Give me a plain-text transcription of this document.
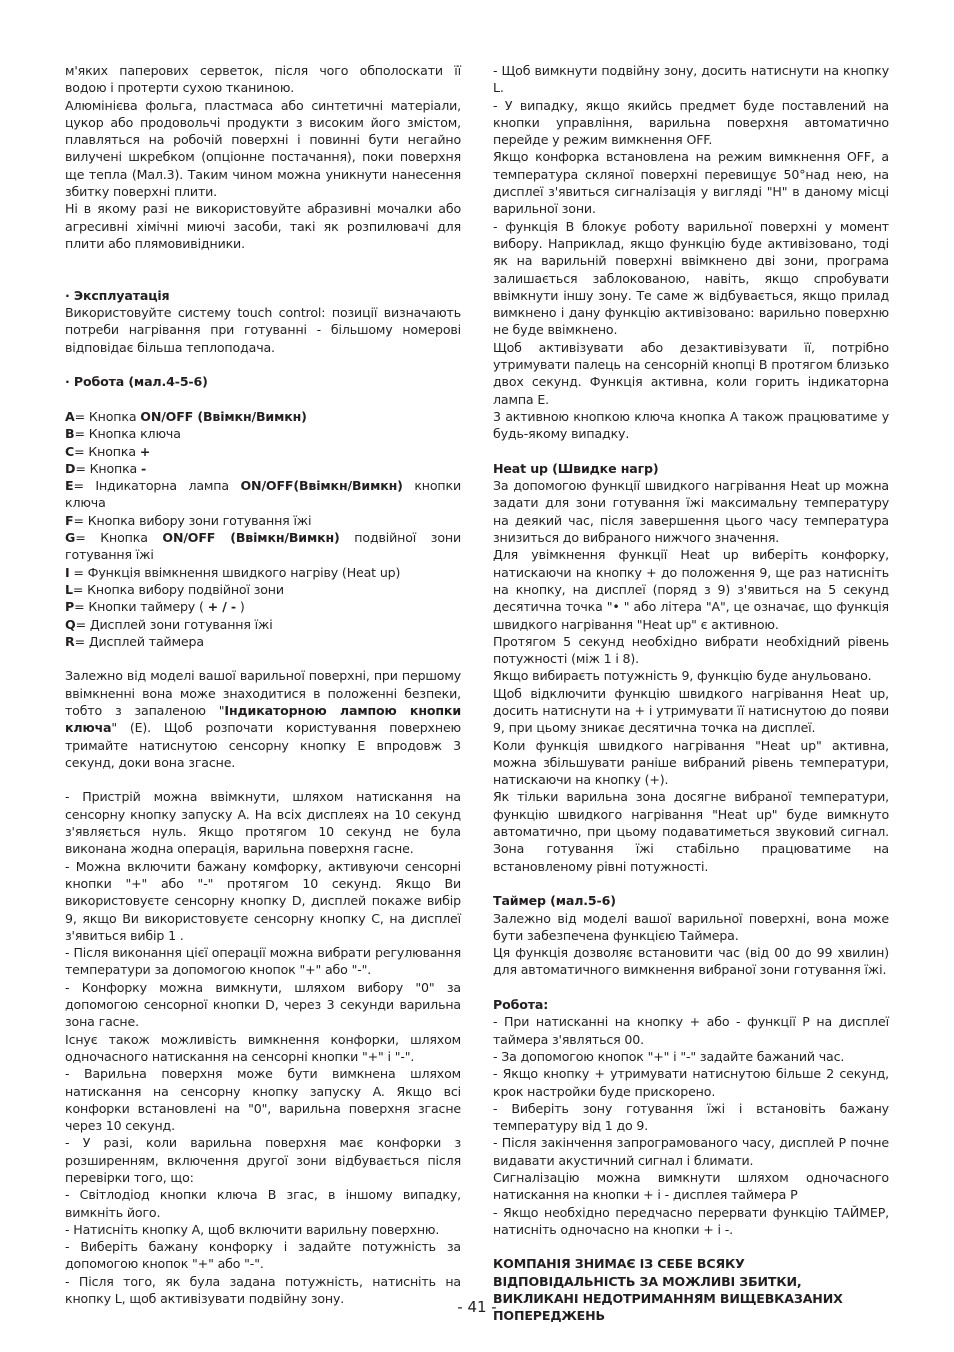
м'яких паперових серветок, після чого обполоскати її водою і протерти сухою тканиною.

Алюмінієва фольга, пластмаса або синтетичні матеріали, цукор або продовольчі продукти з високим його змістом, плавляться на робочій поверхні і повинні бути негайно вилучені шкребком (опціонне постачання), поки поверхня ще тепла (Мал.3). Таким чином можна уникнути нанесення збитку поверхні плити.

Ні в якому разі не використовуйте абразивні мочалки або агресивні хімічні миючі засоби, такі як розпилювачі для плити або плямовивідники.

· Эксплуатація

Використовуйте систему touch control: позиції визначають потреби нагрівання при готуванні - більшому номерові відповідає більша теплоподача.

· Робота (мал.4-5-6)

A= Кнопка ON/OFF (Ввімкн/Вимкн)

B= Кнопка ключа

C= Кнопка +

D= Кнопка -

E= Індикаторна лампа ON/OFF(Ввімкн/Вимкн) кнопки ключа

F= Кнопка вибору зони готування їжі

G= Кнопка ON/OFF (Ввімкн/Вимкн) подвійної зони готування їжі

I = Функція ввімкнення швидкого нагріву (Heat up)

L= Кнопка вибору подвійної зони

P= Кнопки таймеру ( + / - )

Q= Дисплей зони готування їжі

R= Дисплей таймера

Залежно від моделі вашої варильної поверхні, при першому ввімкненні вона може знаходитися в положенні безпеки, тобто з запаленою "Індикаторною лампою кнопки ключа" (E). Щоб розпочати користування поверхнею тримайте натиснутою сенсорну кнопку E впродовж 3 секунд, доки вона згасне.

- Пристрій можна ввімкнути, шляхом натискання на сенсорну кнопку запуску A. На всіх дисплеях на 10 секунд з'являється нуль. Якщо протягом 10 секунд не була виконана жодна операція, варильна поверхня гасне.

- Можна включити бажану комфорку, активуючи сенсорні кнопки "+" або "-" протягом 10 секунд. Якщо Ви використовуєте сенсорну кнопку D, дисплей покаже вибір 9, якщо Ви використовуєте сенсорну кнопку C, на дисплеї з'явиться вибір 1 .

- Після виконання цієї операції можна вибрати регулювання температури за допомогою кнопок "+" або "-".

- Конфорку можна вимкнути, шляхом вибору "0" за допомогою сенсорної кнопки D, через 3 секунди варильна зона гасне.

Існує також можливість вимкнення конфорки, шляхом одночасного натискання на сенсорні кнопки "+" і "-".

- Варильна поверхня може бути вимкнена шляхом натискання на сенсорну кнопку запуску A. Якщо всі конфорки встановлені на "0", варильна поверхня згасне через 10 секунд.

- У разі, коли варильна поверхня має конфорки з розширенням, включення другої зони відбувається після перевірки того, що:

- Світлодіод кнопки ключа B згас, в іншому випадку, вимкніть його.

- Натисніть кнопку A, щоб включити варильну поверхню.

- Виберіть бажану конфорку і задайте потужність за допомогою кнопок "+" або "-".

- Після того, як була задана потужність, натисніть на кнопку L, щоб активізувати подвійну зону.

- Щоб вимкнути подвійну зону, досить натиснути на кнопку L.

- У випадку, якщо якийсь предмет буде поставлений на кнопки управління, варильна поверхня автоматично перейде у режим вимкнення OFF.

Якщо конфорка встановлена на режим вимкнення OFF, а температура скляної поверхні перевищує 50°над нею, на дисплеї з'явиться сигналізація у вигляді "H" в даному місці варильної зони.

- функція B блокує роботу варильної поверхні у момент вибору. Наприклад, якщо функцію буде активізовано, тоді як на варильній поверхні ввімкнено дві зони, програма залишається заблокованою, навіть, якщо спробувати ввімкнути іншу зону. Те саме ж відбувається, якщо прилад вимкнено і дану функцію активізовано: варильно поверхню не буде ввімкнено.

Щоб активізувати або дезактивізувати її, потрібно утримувати палець на сенсорній кнопці B протягом близько двох секунд. Функція активна, коли горить індикаторна лампа E.

3 активною кнопкою ключа кнопка A також працюватиме у будь-якому випадку.

Heat up (Швидке нагр)

За допомогою функції швидкого нагрівання Heat up можна задати для зони готування їжі максимальну температуру на деякий час, після завершення цього часу температура знизиться до вибраного нижчого значення.

Для увімкнення функції Heat up виберіть конфорку, натискаючи на кнопку + до положення 9, ще раз натисніть на кнопку, на дисплеї (поряд з 9) з'явиться на 5 секунд десятична точка "• " або літера "A", це означає, що функція швидкого нагрівання "Heat up" є активною.

Протягом 5 секунд необхідно вибрати необхідний рівень потужності (між 1 і 8).

Якщо вибираєть потужність 9, функцію буде анульовано.

Щоб відключити функцію швидкого нагрівання Heat up, досить натиснути на + і утримувати її натиснутою до появи 9, при цьому зникає десятична точка на дисплеї.

Коли функція швидкого нагрівання "Heat up" активна, можна збільшувати раніше вибраний рівень температури, натискаючи на кнопку (+).

Як тільки варильна зона досягне вибраної температури, функцію швидкого нагрівання "Heat up" буде вимкнуто автоматично, при цьому подаватиметься звуковий сигнал. Зона готування їжі стабільно працюватиме на встановленому рівні потужності.

Таймер (мал.5-6)

Залежно від моделі вашої варильної поверхні, вона може бути забезпечена функцією Таймера.

Ця функція дозволяє встановити час (від 00 до 99 хвилин) для автоматичного вимкнення вибраної зони готування їжі.

Робота:

- При натисканні на кнопку + або - функції P на дисплеї таймера з'являться 00.

- За допомогою кнопок "+" і "-" задайте бажаний час.

- Якщо кнопку + утримувати натиснутою більше 2 секунд, крок настройки буде прискорено.

- Виберіть зону готування їжі і встановіть бажану температуру від 1 до 9.

- Після закінчення запрограмованого часу, дисплей P почне видавати акустичний сигнал і блимати.

Сигналізацію можна вимкнути шляхом одночасного натискання на кнопки + і - дисплея таймера P

- Якщо необхідно передчасно перервати функцію ТАЙМЕР, натисніть одночасно на кнопки + і -.

КОМПАНІЯ ЗНИМАЄ ІЗ СЕБЕ ВСЯКУ ВІДПОВІДАЛЬНІСТЬ ЗА МОЖЛИВІ ЗБИТКИ, ВИКЛИКАНІ НЕДОТРИМАННЯМ ВИЩЕВКАЗАНИХ ПОПЕРЕДЖЕНЬ

- 41 -
